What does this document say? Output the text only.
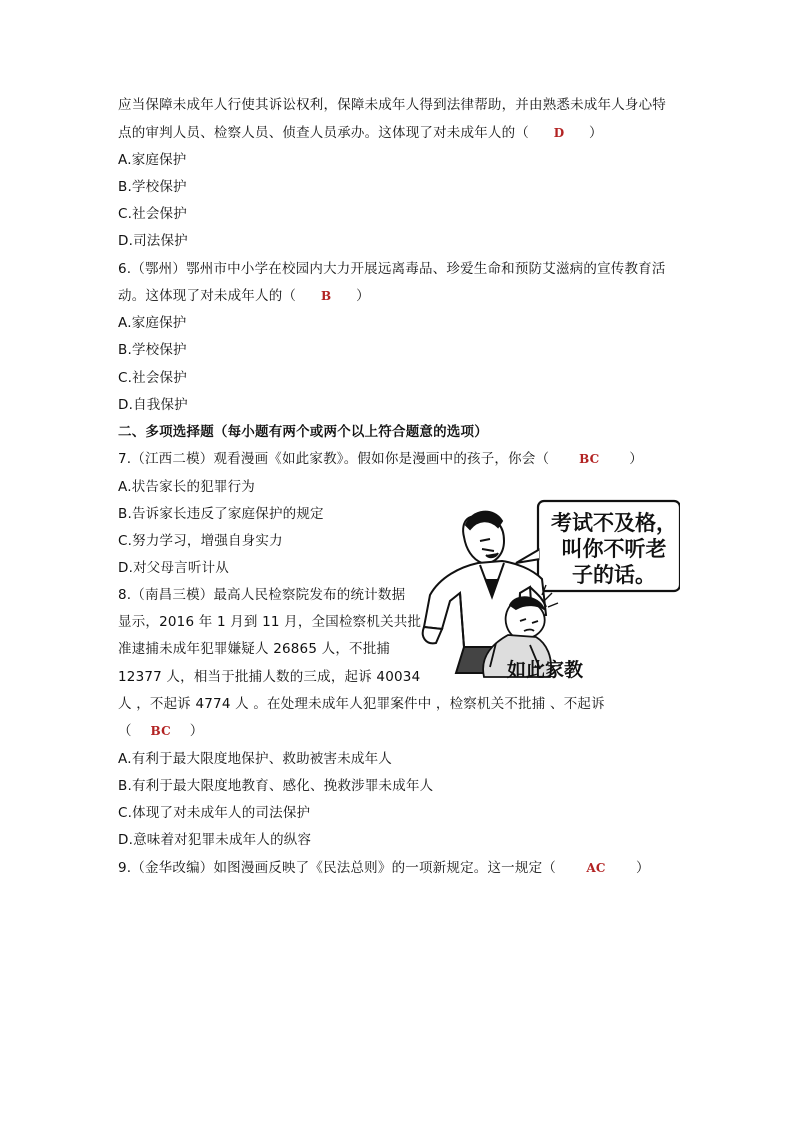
应当保障未成年人行使其诉讼权利，保障未成年人得到法律帮助，并由熟悉未成年人身心特
点的审判人员、检察人员、侦查人员承办。这体现了对未成年人的（ D ）
A.家庭保护
B.学校保护
C.社会保护
D.司法保护
6.（鄂州）鄂州市中小学在校园内大力开展远离毒品、珍爱生命和预防艾滋病的宣传教育活
动。这体现了对未成年人的（ B ）
A.家庭保护
B.学校保护
C.社会保护
D.自我保护
二、多项选择题（每小题有两个或两个以上符合题意的选项）
7.（江西二模）观看漫画《如此家教》。假如你是漫画中的孩子，你会（ BC ）
A.状告家长的犯罪行为
B.告诉家长违反了家庭保护的规定
C.努力学习，增强自身实力
D.对父母言听计从
考试不及格，
叫你不听老
子的话。
如此家教
8.（南昌三模）最高人民检察院发布的统计数据
显示，2016 年 1 月到 11 月，全国检察机关共批
准逮捕未成年犯罪嫌疑人 26865 人，不批捕
12377 人，相当于批捕人数的三成，起诉 40034
人 ，不起诉 4774 人 。在处理未成年人犯罪案件中 ，检察机关不批捕 、不起诉
（ BC ）
A.有利于最大限度地保护、救助被害未成年人
B.有利于最大限度地教育、感化、挽救涉罪未成年人
C.体现了对未成年人的司法保护
D.意味着对犯罪未成年人的纵容
9.（金华改编）如图漫画反映了《民法总则》的一项新规定。这一规定（	AC ）
